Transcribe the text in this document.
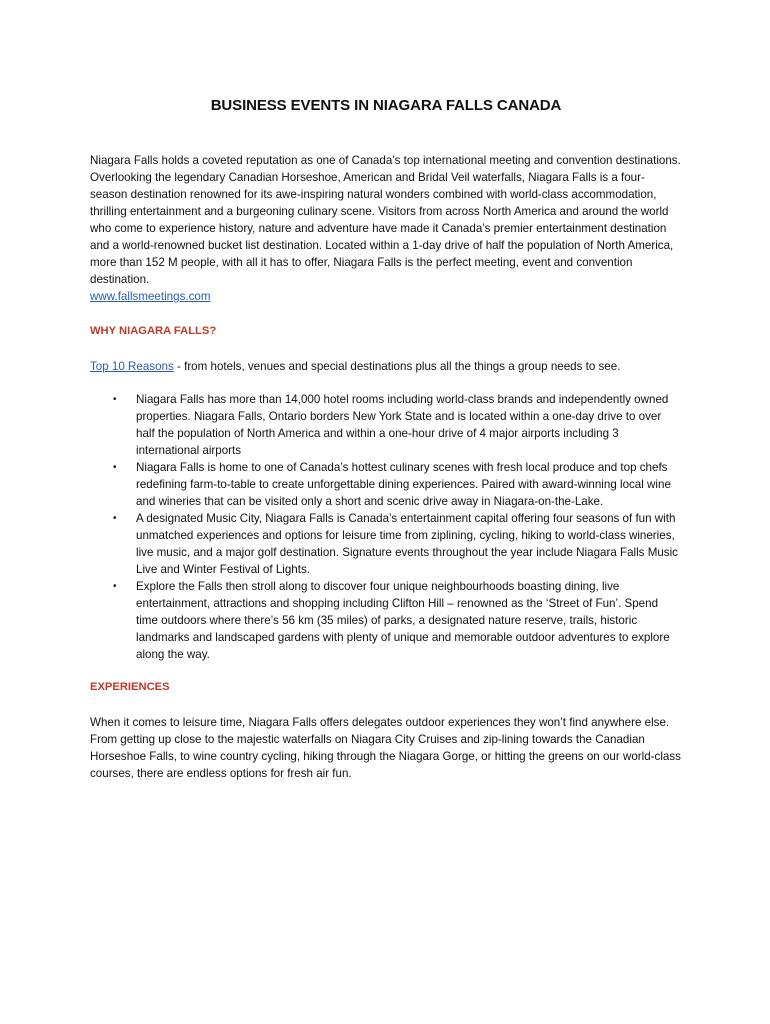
BUSINESS EVENTS IN NIAGARA FALLS CANADA

Niagara Falls holds a coveted reputation as one of Canada’s top international meeting and convention destinations. Overlooking the legendary Canadian Horseshoe, American and Bridal Veil waterfalls, Niagara Falls is a four-season destination renowned for its awe-inspiring natural wonders combined with world-class accommodation, thrilling entertainment and a burgeoning culinary scene. Visitors from across North America and around the world who come to experience history, nature and adventure have made it Canada’s premier entertainment destination and a world-renowned bucket list destination. Located within a 1-day drive of half the population of North America, more than 152 M people, with all it has to offer, Niagara Falls is the perfect meeting, event and convention destination.
www.fallsmeetings.com

WHY NIAGARA FALLS?

Top 10 Reasons - from hotels, venues and special destinations plus all the things a group needs to see.

• Niagara Falls has more than 14,000 hotel rooms including world-class brands and independently owned properties. Niagara Falls, Ontario borders New York State and is located within a one-day drive to over half the population of North America and within a one-hour drive of 4 major airports including 3 international airports
• Niagara Falls is home to one of Canada’s hottest culinary scenes with fresh local produce and top chefs redefining farm-to-table to create unforgettable dining experiences. Paired with award-winning local wine and wineries that can be visited only a short and scenic drive away in Niagara-on-the-Lake.
• A designated Music City, Niagara Falls is Canada’s entertainment capital offering four seasons of fun with unmatched experiences and options for leisure time from ziplining, cycling, hiking to world-class wineries, live music, and a major golf destination. Signature events throughout the year include Niagara Falls Music Live and Winter Festival of Lights.
• Explore the Falls then stroll along to discover four unique neighbourhoods boasting dining, live entertainment, attractions and shopping including Clifton Hill – renowned as the ‘Street of Fun’. Spend time outdoors where there’s 56 km (35 miles) of parks, a designated nature reserve, trails, historic landmarks and landscaped gardens with plenty of unique and memorable outdoor adventures to explore along the way.
EXPERIENCES

When it comes to leisure time, Niagara Falls offers delegates outdoor experiences they won’t find anywhere else. From getting up close to the majestic waterfalls on Niagara City Cruises and zip-lining towards the Canadian Horseshoe Falls, to wine country cycling, hiking through the Niagara Gorge, or hitting the greens on our world-class courses, there are endless options for fresh air fun.
